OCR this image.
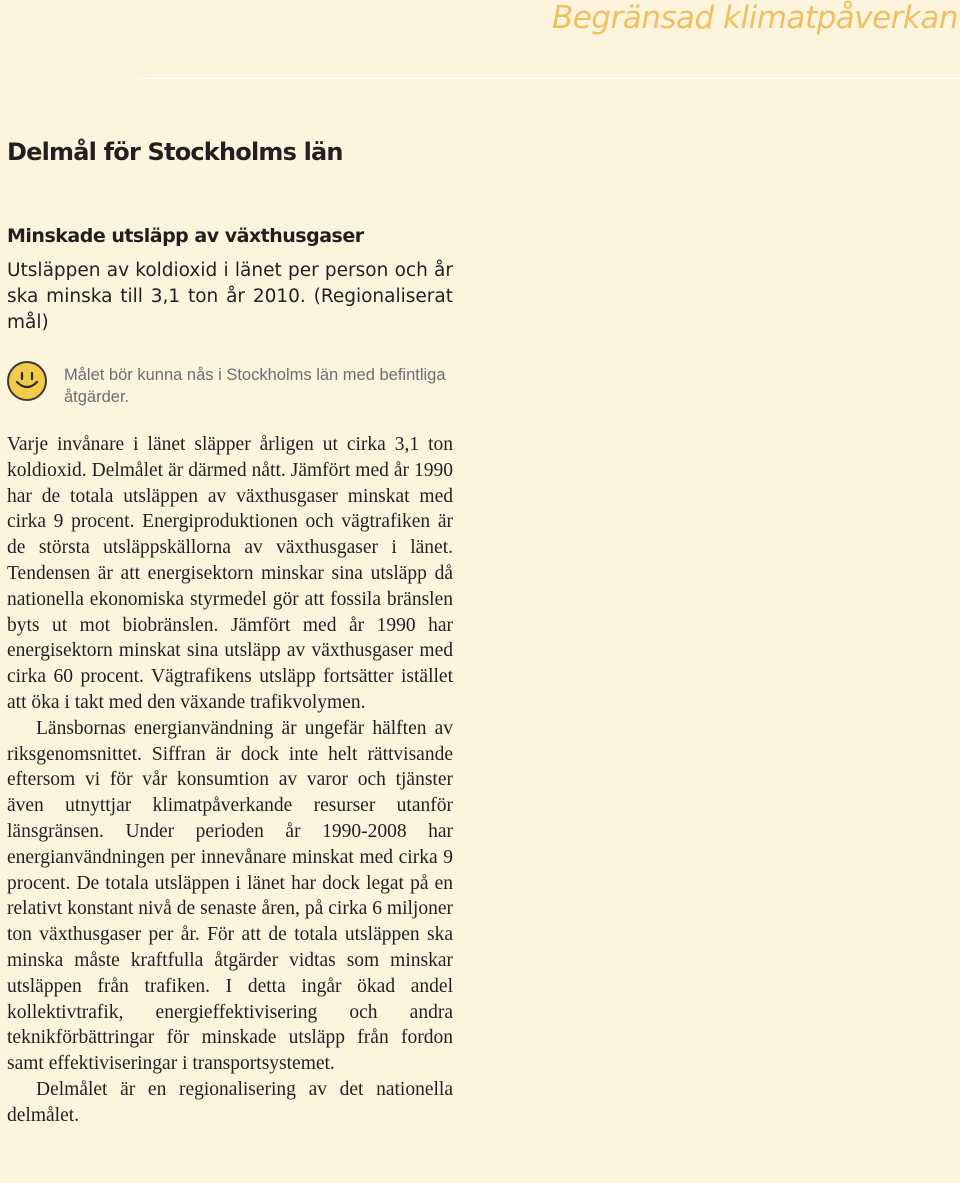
Begränsad klimatpåverkan
Delmål för Stockholms län
Minskade utsläpp av växthusgaser

Utsläppen av koldioxid i länet per person och år ska minska till 3,1 ton år 2010. (Regionaliserat mål)

Målet bör kunna nås i Stockholms län med befintliga åtgärder.

Varje invånare i länet släpper årligen ut cirka 3,1 ton koldioxid. Delmålet är därmed nått. Jämfört med år 1990 har de totala utsläppen av växthusgaser minskat med cirka 9 procent. Energiproduktionen och vägtrafiken är de största utsläppskällorna av växthusgaser i länet. Tendensen är att energisektorn minskar sina utsläpp då nationella ekonomiska styrmedel gör att fossila bränslen byts ut mot biobränslen. Jämfört med år 1990 har energisektorn minskat sina utsläpp av växthusgaser med cirka 60 procent. Vägtrafikens utsläpp fortsätter istället att öka i takt med den växande trafikvolymen.

Länsbornas energianvändning är ungefär hälften av riksgenomsnittet. Siffran är dock inte helt rättvisande eftersom vi för vår konsumtion av varor och tjänster även utnyttjar klimatpåverkande resurser utanför länsgränsen. Under perioden år 1990-2008 har energianvändningen per innevånare minskat med cirka 9 procent. De totala utsläppen i länet har dock legat på en relativt konstant nivå de senaste åren, på cirka 6 miljoner ton växthusgaser per år. För att de totala utsläppen ska minska måste kraftfulla åtgärder vidtas som minskar utsläppen från trafiken. I detta ingår ökad andel kollektivtrafik, energieffektivisering och andra teknikförbättringar för minskade utsläpp från fordon samt effektiviseringar i transportsystemet.

Delmålet är en regionalisering av det nationella delmålet.
